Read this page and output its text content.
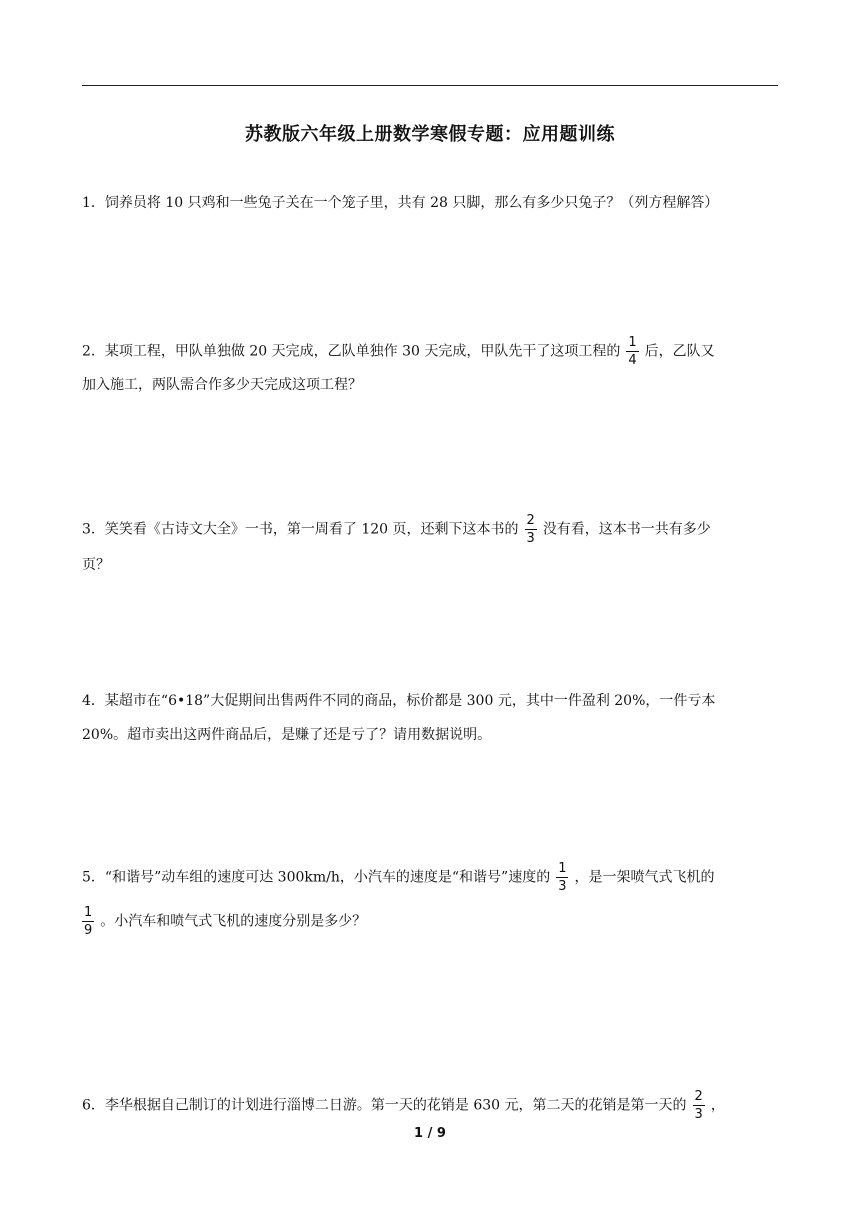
苏教版六年级上册数学寒假专题：应用题训练
1．饲养员将 10 只鸡和一些兔子关在一个笼子里，共有 28 只脚，那么有多少只兔子？（列方程解答）
2．某项工程，甲队单独做 20 天完成，乙队单独作 30 天完成，甲队先干了这项工程的 $\frac{1}{4}$ 后，乙队又
加入施工，两队需合作多少天完成这项工程？
3．笑笑看《古诗文大全》一书，第一周看了 120 页，还剩下这本书的 $\frac{2}{3}$ 没有看，这本书一共有多少
页？
4．某超市在“6•18”大促期间出售两件不同的商品，标价都是 300 元，其中一件盈利 20%，一件亏本
20%。超市卖出这两件商品后，是赚了还是亏了？请用数据说明。
5．“和谐号”动车组的速度可达 300km/h，小汽车的速度是“和谐号”速度的 $\frac{1}{3}$ ，是一架喷气式飞机的
$\frac{1}{9}$ 。小汽车和喷气式飞机的速度分别是多少？
6．李华根据自己制订的计划进行淄博二日游。第一天的花销是 630 元，第二天的花销是第一天的 $\frac{2}{3}$ ，
1 / 9
